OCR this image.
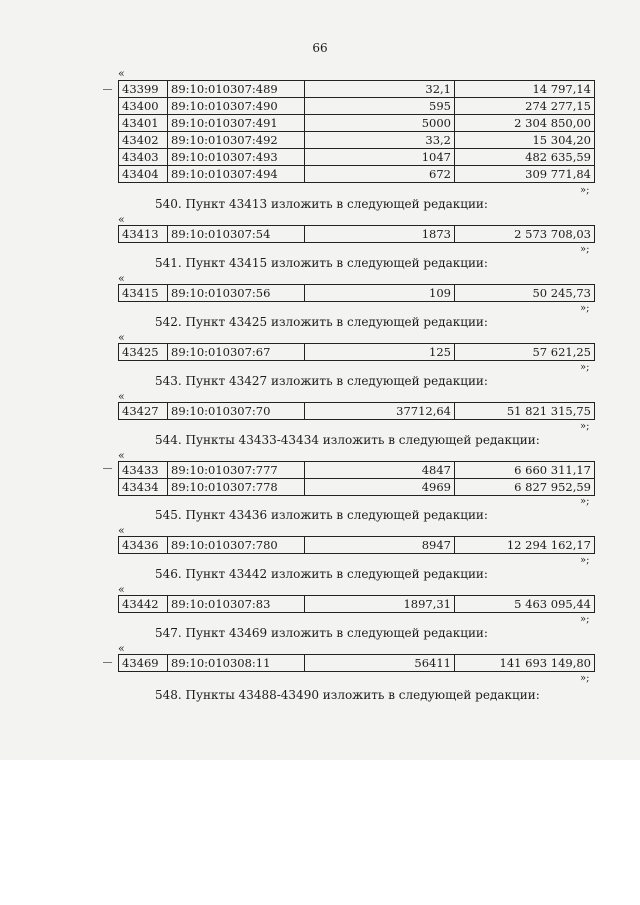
66
«
43399	89:10:010307:489	32,1	14 797,14
43400	89:10:010307:490	595	274 277,15
43401	89:10:010307:491	5000	2 304 850,00
43402	89:10:010307:492	33,2	15 304,20
43403	89:10:010307:493	1047	482 635,59
43404	89:10:010307:494	672	309 771,84
»;
540. Пункт 43413 изложить в следующей редакции:
«
43413	89:10:010307:54	1873	2 573 708,03
»;
541. Пункт 43415 изложить в следующей редакции:
«
43415	89:10:010307:56	109	50 245,73
»;
542. Пункт 43425 изложить в следующей редакции:
«
43425	89:10:010307:67	125	57 621,25
»;
543. Пункт 43427 изложить в следующей редакции:
«
43427	89:10:010307:70	37712,64	51 821 315,75
»;
544. Пункты 43433-43434 изложить в следующей редакции:
«
43433	89:10:010307:777	4847	6 660 311,17
43434	89:10:010307:778	4969	6 827 952,59
»;
545. Пункт 43436 изложить в следующей редакции:
«
43436	89:10:010307:780	8947	12 294 162,17
»;
546. Пункт 43442 изложить в следующей редакции:
«
43442	89:10:010307:83	1897,31	5 463 095,44
»;
547. Пункт 43469 изложить в следующей редакции:
«
43469	89:10:010308:11	56411	141 693 149,80
»;
548. Пункты 43488-43490 изложить в следующей редакции:
